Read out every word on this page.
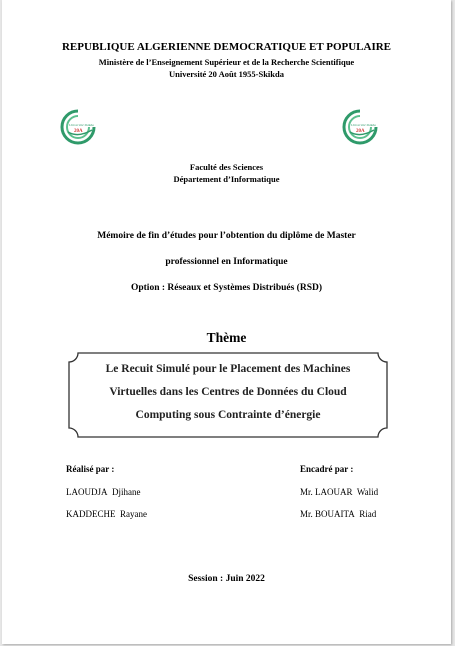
REPUBLIQUE ALGERIENNE DEMOCRATIQUE ET POPULAIRE
Ministère de l’Enseignement Supérieur et de la Recherche Scientifique
Université 20 Août 1955-Skikda
Université Skikda
20A
Université Skikda
20A
Faculté des Sciences
Département d’Informatique
Mémoire de fin d’études pour l’obtention du diplôme de Master
professionnel en Informatique
Option : Réseaux et Systèmes Distribués (RSD)
Thème
Le Recuit Simulé pour le Placement des Machines
Virtuelles dans les Centres de Données du Cloud
Computing sous Contrainte d’énergie
Réalisé par :	Encadré par :
LAOUDJA Djihane
KADDECHE Rayane
Mr. LAOUAR Walid
Mr. BOUAITA Riad
Session : Juin 2022
